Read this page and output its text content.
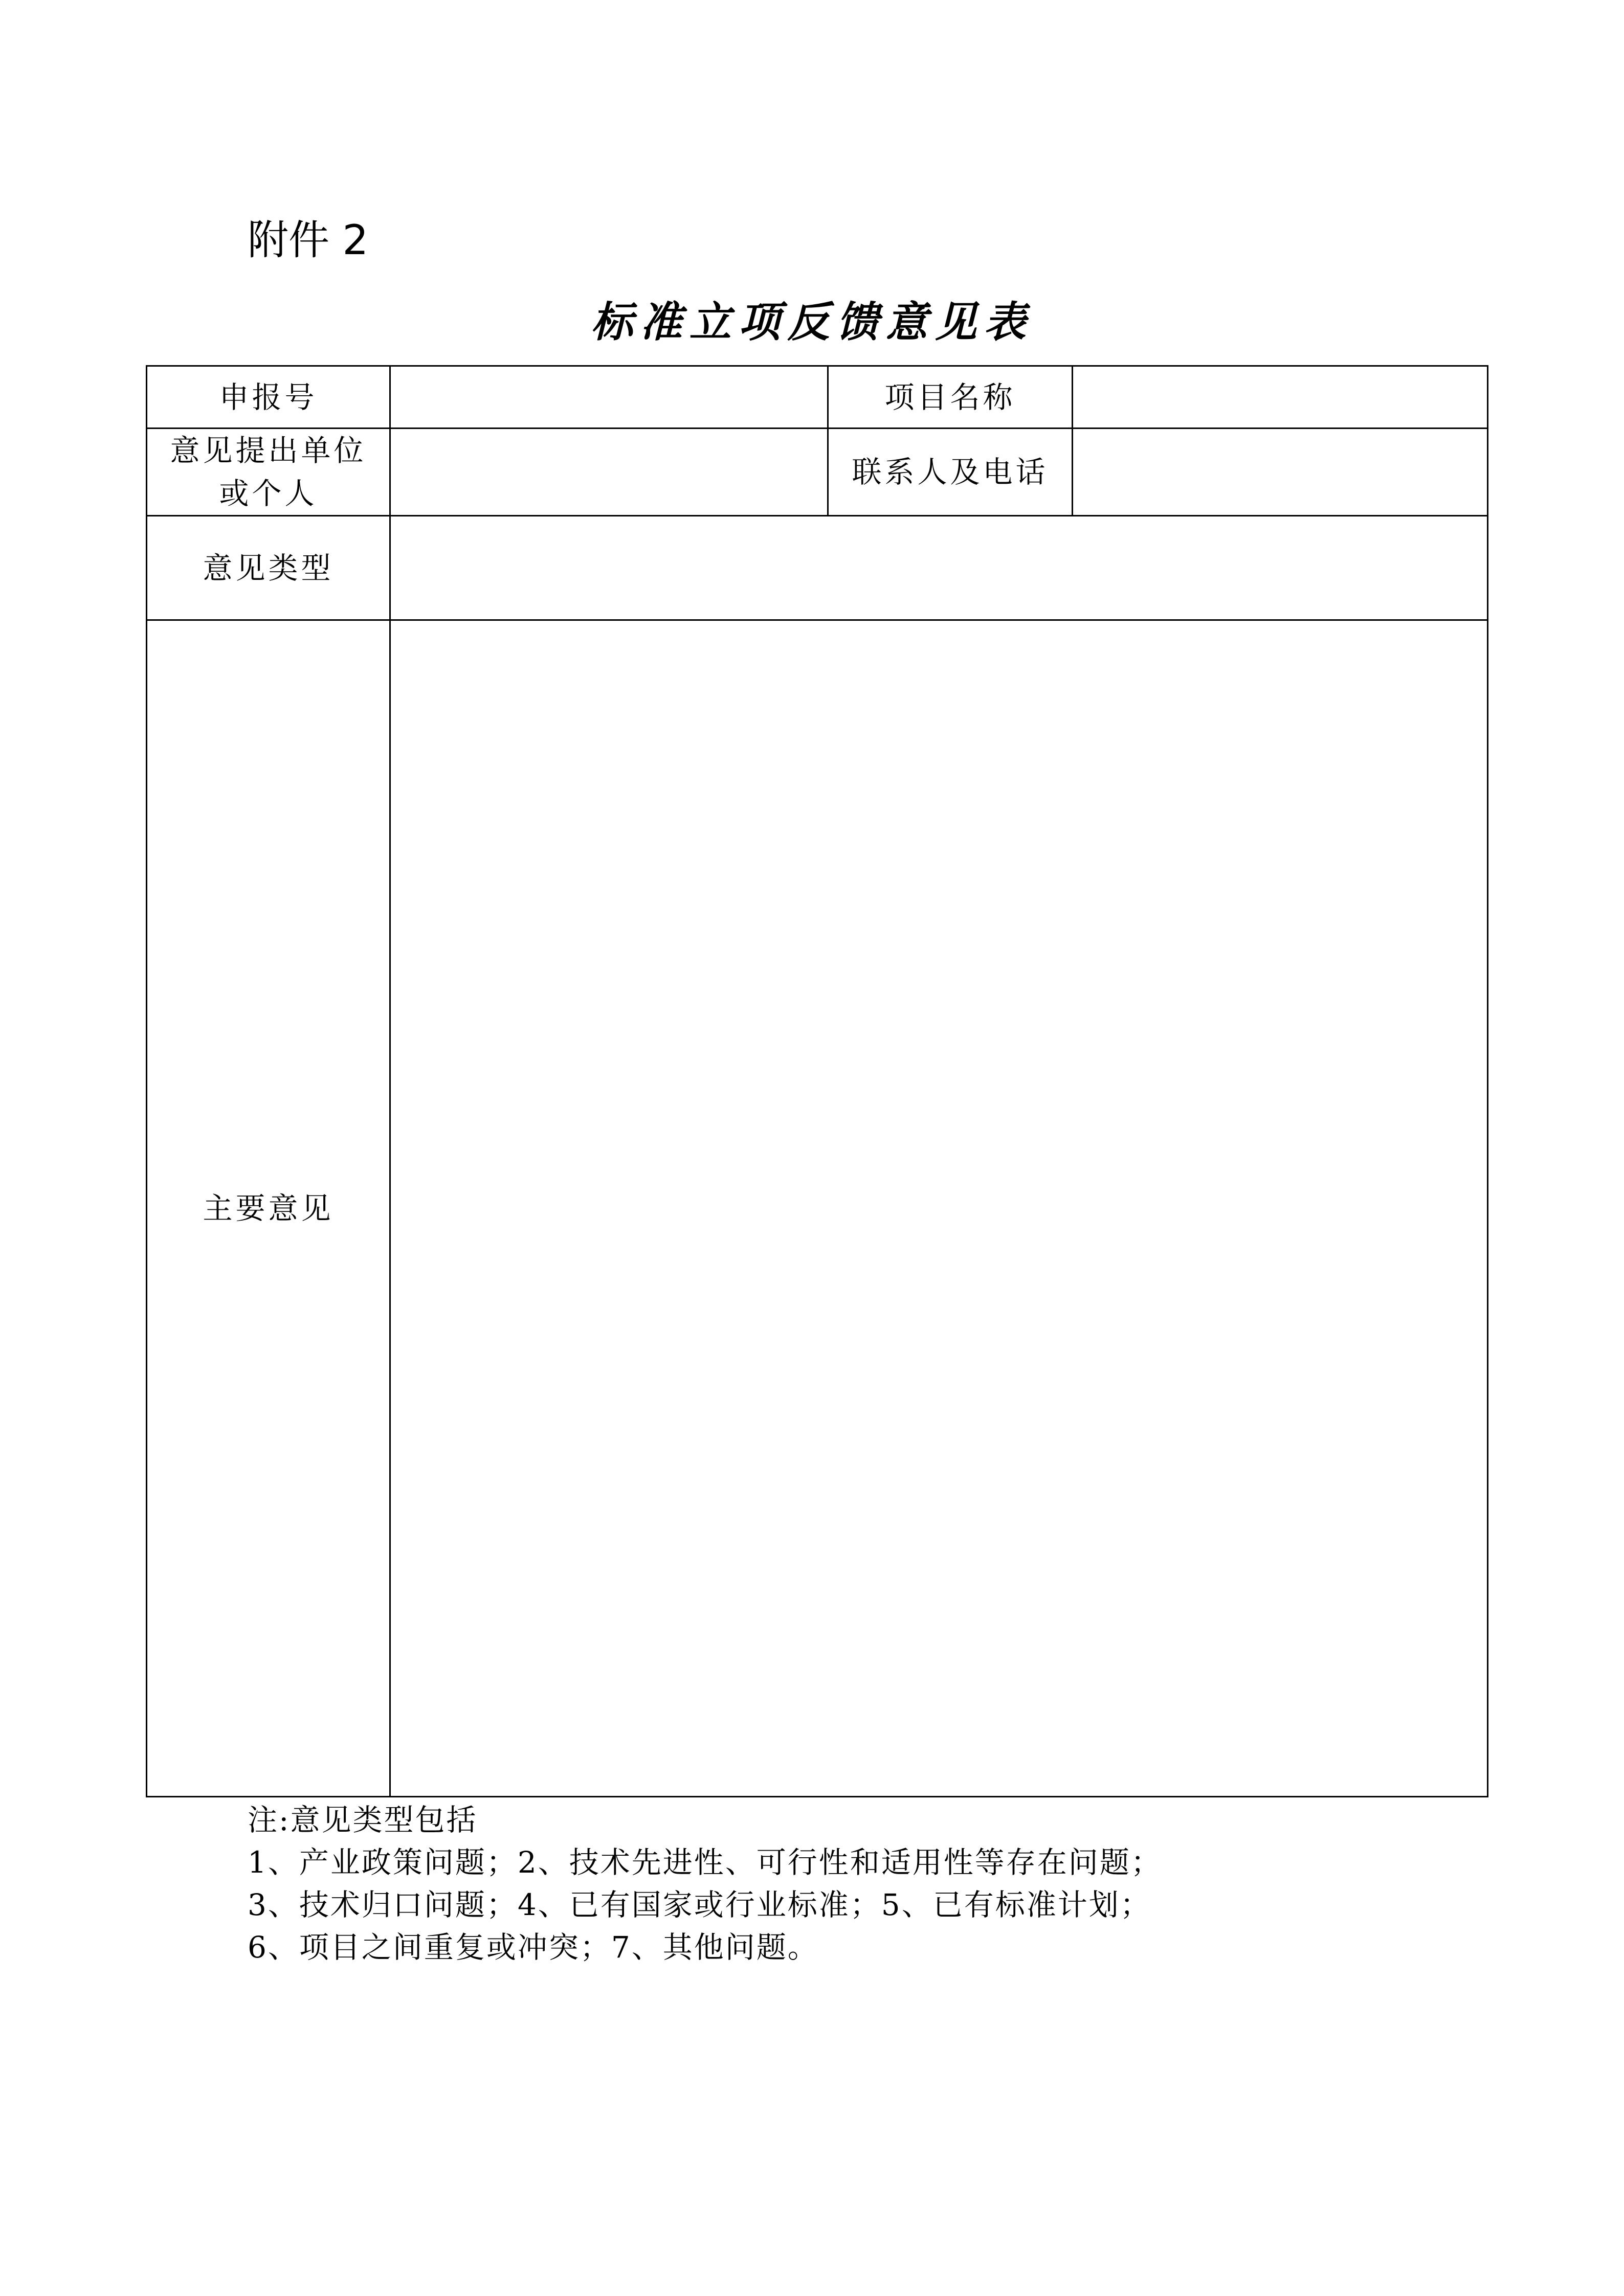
附件 2
标准立项反馈意见表
申报号		项目名称	
意见提出单位
或个人		联系人及电话	
意见类型			
主要意见			
注:意见类型包括
1、产业政策问题；2、技术先进性、可行性和适用性等存在问题；
3、技术归口问题；4、已有国家或行业标准；5、已有标准计划；
6、项目之间重复或冲突；7、其他问题。
